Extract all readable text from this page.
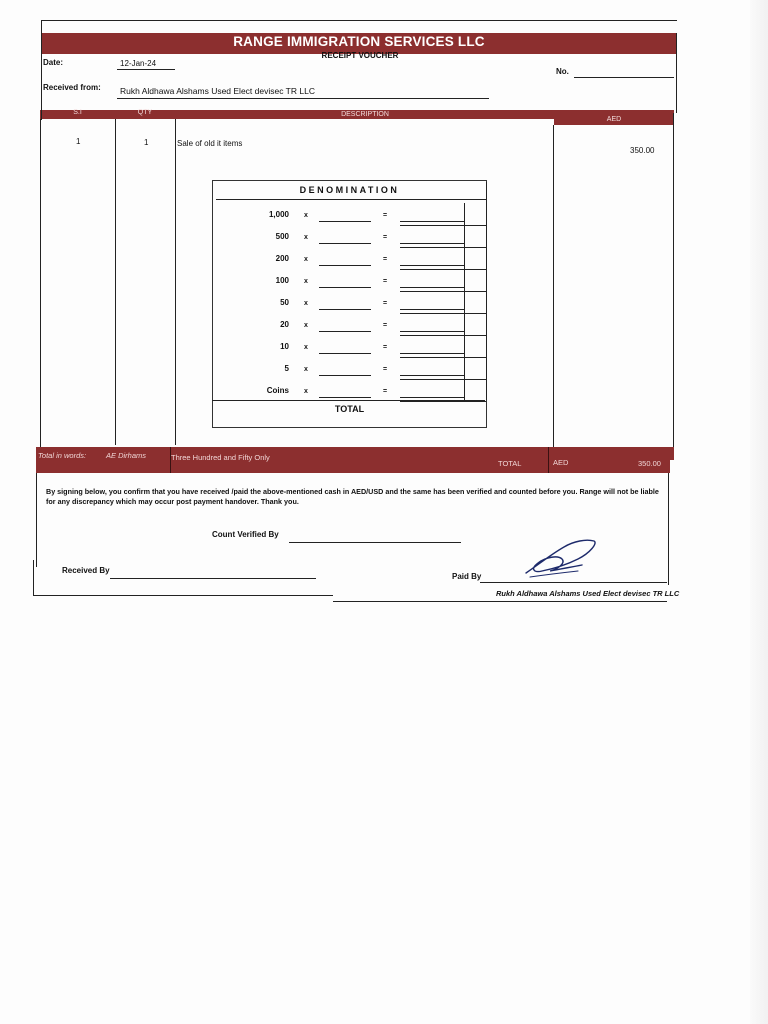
RANGE IMMIGRATION SERVICES LLC
RECEIPT VOUCHER
Date:	12-Jan-24
No.
Received from: Rukh Aldhawa Alshams Used Elect devisec TR LLC
S.I	QTY	DESCRIPTION
AED
1	1	Sale of old it items
350.00
DENOMINATION
1,000 x	=
500 x	=
200 x	=
100 x	=
50 x	=
20 x	=
10 x	=
5 x	=
Coins x	=
TOTAL
Total in words:	AE Dirhams	Three Hundred and Fifty Only
TOTAL	AED	350.00
By signing below, you confirm that you have received /paid the above-mentioned cash in AED/USD and the same has been verified and counted before you. Range will not be liable for any discrepancy which may occur post payment handover. Thank you.
Count Verified By
Received By
Paid By
Rukh Aldhawa Alshams Used Elect devisec TR LLC
